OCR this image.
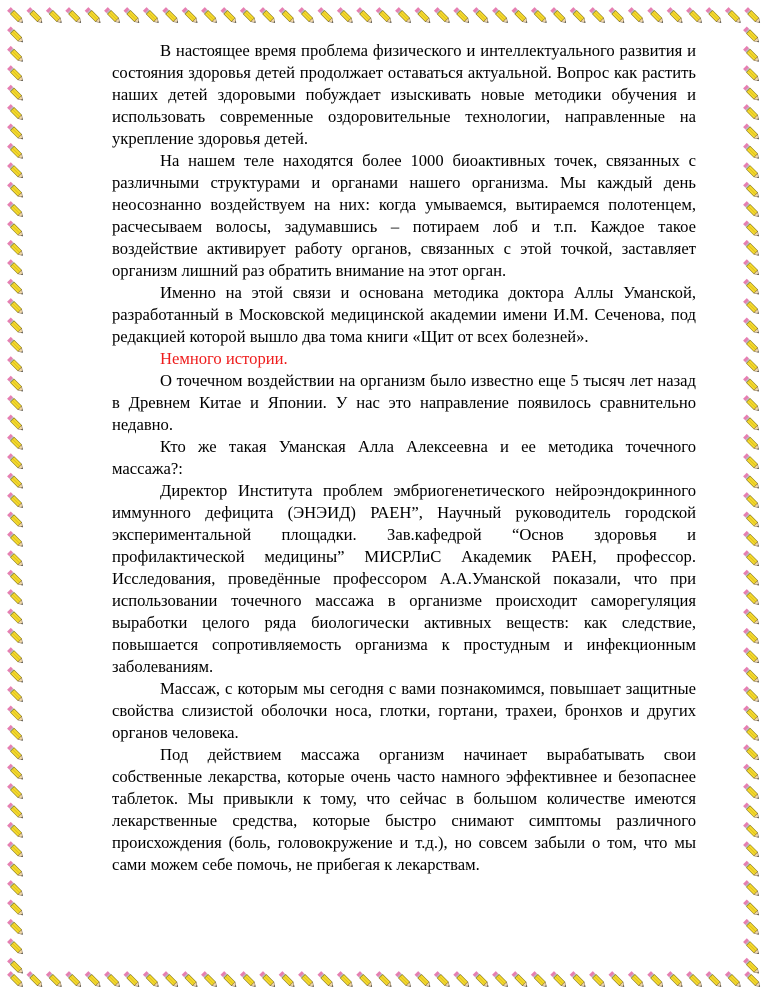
В настоящее время проблема физического и интеллектуального развития и состояния здоровья детей продолжает оставаться актуальной. Вопрос как растить наших детей здоровыми побуждает изыскивать новые методики обучения и использовать современные оздоровительные технологии, направленные на укрепление здоровья детей.

На нашем теле находятся более 1000 биоактивных точек, связанных с различными структурами и органами нашего организма. Мы каждый день неосознанно воздействуем на них: когда умываемся, вытираемся полотенцем, расчесываем волосы, задумавшись – потираем лоб и т.п. Каждое такое воздействие активирует работу органов, связанных с этой точкой, заставляет организм лишний раз обратить внимание на этот орган.

Именно на этой связи и основана методика доктора Аллы Уманской, разработанный в Московской медицинской академии имени И.М. Сеченова, под редакцией которой вышло два тома книги «Щит от всех болезней».

Немного истории.

О точечном воздействии на организм было известно еще 5 тысяч лет назад в Древнем Китае и Японии. У нас это направление появилось сравнительно недавно.

Кто же такая Уманская Алла Алексеевна и ее методика точечного массажа?:

Директор Института проблем эмбриогенетического нейроэндокринного иммунного дефицита (ЭНЭИД) РАЕН”, Научный руководитель городской экспериментальной площадки. Зав.кафедрой “Основ здоровья и профилактической медицины” МИСРЛиС Академик РАЕН, профессор. Исследования, проведённые профессором А.А.Уманской показали, что при использовании точечного массажа в организме происходит саморегуляция выработки целого ряда биологически активных веществ: как следствие, повышается сопротивляемость организма к простудным и инфекционным заболеваниям.

Массаж, с которым мы сегодня с вами познакомимся, повышает защитные свойства слизистой оболочки носа, глотки, гортани, трахеи, бронхов и других органов человека.

Под действием массажа организм начинает вырабатывать свои собственные лекарства, которые очень часто намного эффективнее и безопаснее таблеток. Мы привыкли к тому, что сейчас в большом количестве имеются лекарственные средства, которые быстро снимают симптомы различного происхождения (боль, головокружение и т.д.), но совсем забыли о том, что мы сами можем себе помочь, не прибегая к лекарствам.
